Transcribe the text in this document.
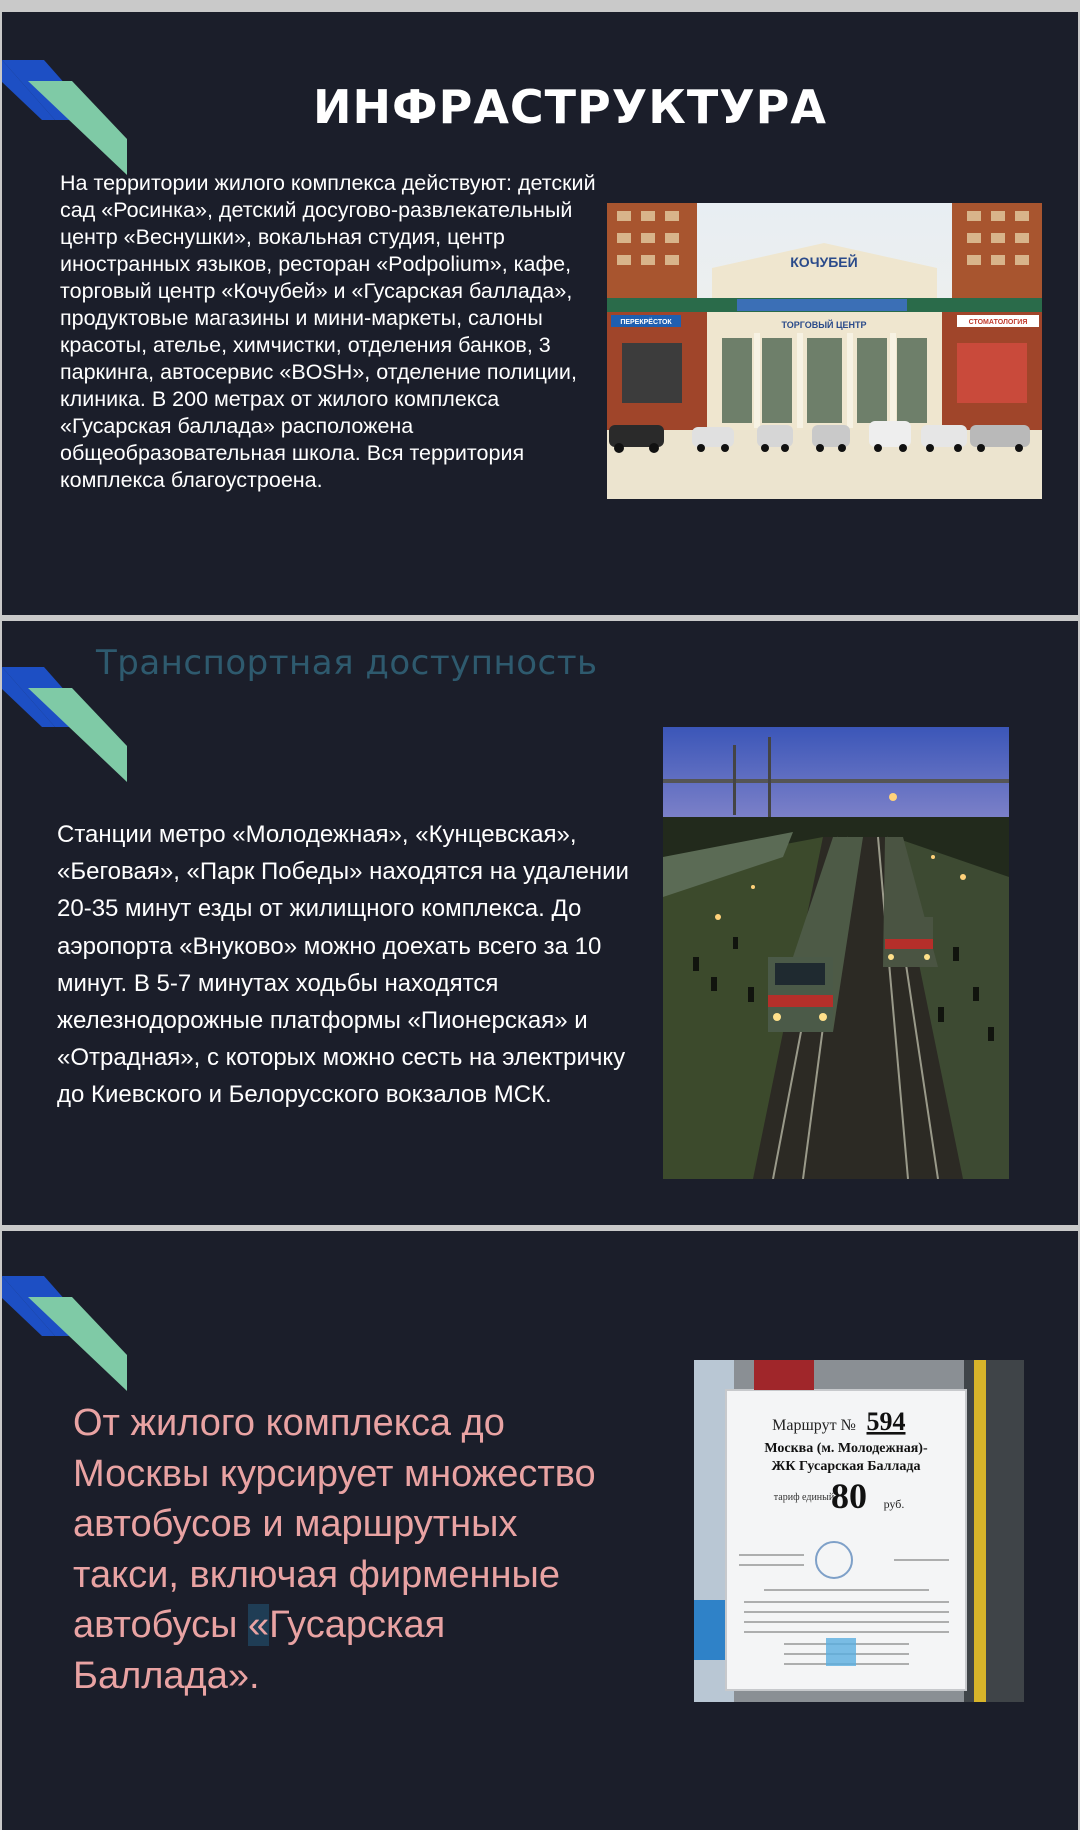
ИНФРАСТРУКТУРА
На территории жилого комплекса действуют: детский сад «Росинка», детский досугово-развлекательный центр «Веснушки», вокальная студия, центр иностранных языков, ресторан «Podpolium», кафе, торговый центр «Кочубей» и «Гусарская баллада», продуктовые магазины и мини-маркеты, салоны красоты, ателье, химчистки, отделения банков, 3 паркинга, автосервис «BOSH», отделение полиции, клиника. В 200 метрах от жилого комплекса «Гусарская баллада» расположена общеобразовательная школа. Вся территория комплекса благоустроена.
КОЧУБЕЙ
ТОРГОВЫЙ ЦЕНТР
ПЕРЕКРЁСТОК	СТОМАТОЛОГИЯ
Транспортная доступность
Станции метро «Молодежная», «Кунцевская», «Беговая», «Парк Победы» находятся на удалении 20-35 минут езды от жилищного комплекса. До аэропорта «Внуково» можно доехать всего за 10 минут. В 5-7 минутах ходьбы находятся железнодорожные платформы «Пионерская» и «Отрадная», с которых можно сесть на электричку до Киевского и Белорусского вокзалов МСК.
От жилого комплекса до Москвы курсирует множество автобусов и маршрутных такси, включая фирменные автобусы «Гусарская Баллада».
Маршрут № 594
Москва (м. Молодежная)-
ЖК Гусарская Баллада
тариф единый
80 руб.
